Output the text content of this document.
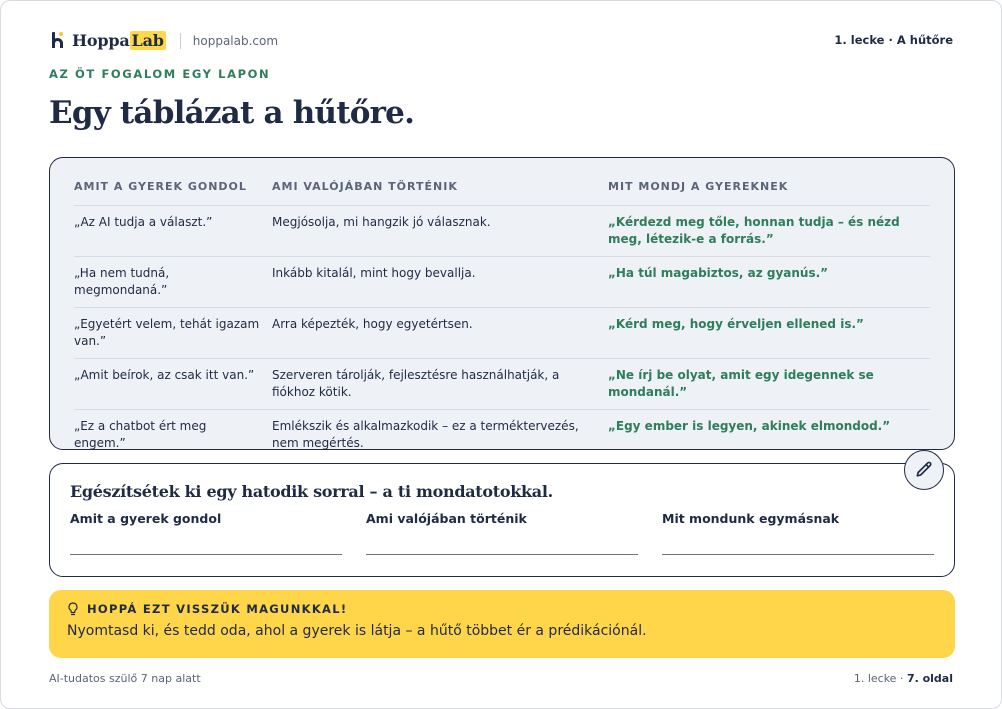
Hoppa Lab hoppalab.com	1. lecke · A hűtőre
AZ ÖT FOGALOM EGY LAPON
Egy táblázat a hűtőre.
AMIT A GYEREK GONDOL	AMI VALÓJÁBAN TÖRTÉNIK	MIT MONDJ A GYEREKNEK
„Az AI tudja a választ.”	Megjósolja, mi hangzik jó válasznak.	„Kérdezd meg tőle, honnan tudja – és nézd meg, létezik-e a forrás.”
„Ha nem tudná, megmondaná.”	Inkább kitalál, mint hogy bevallja.	„Ha túl magabiztos, az gyanús.”
„Egyetért velem, tehát igazam van.”	Arra képezték, hogy egyetértsen.	„Kérd meg, hogy érveljen ellened is.”
„Amit beírok, az csak itt van.”	Szerveren tárolják, fejlesztésre használhatják, a fiókhoz kötik.	„Ne írj be olyat, amit egy idegennek se mondanál.”
„Ez a chatbot ért meg engem.”	Emlékszik és alkalmazkodik – ez a terméktervezés, nem megértés.	„Egy ember is legyen, akinek elmondod.”
Egészítsétek ki egy hatodik sorral – a ti mondatotokkal.
Amit a gyerek gondol	Ami valójában történik	Mit mondunk egymásnak
HOPPÁ EZT VISSZÜK MAGUNKKAL!
Nyomtasd ki, és tedd oda, ahol a gyerek is látja – a hűtő többet ér a prédikációnál.
AI-tudatos szülő 7 nap alatt	1. lecke · 7. oldal
